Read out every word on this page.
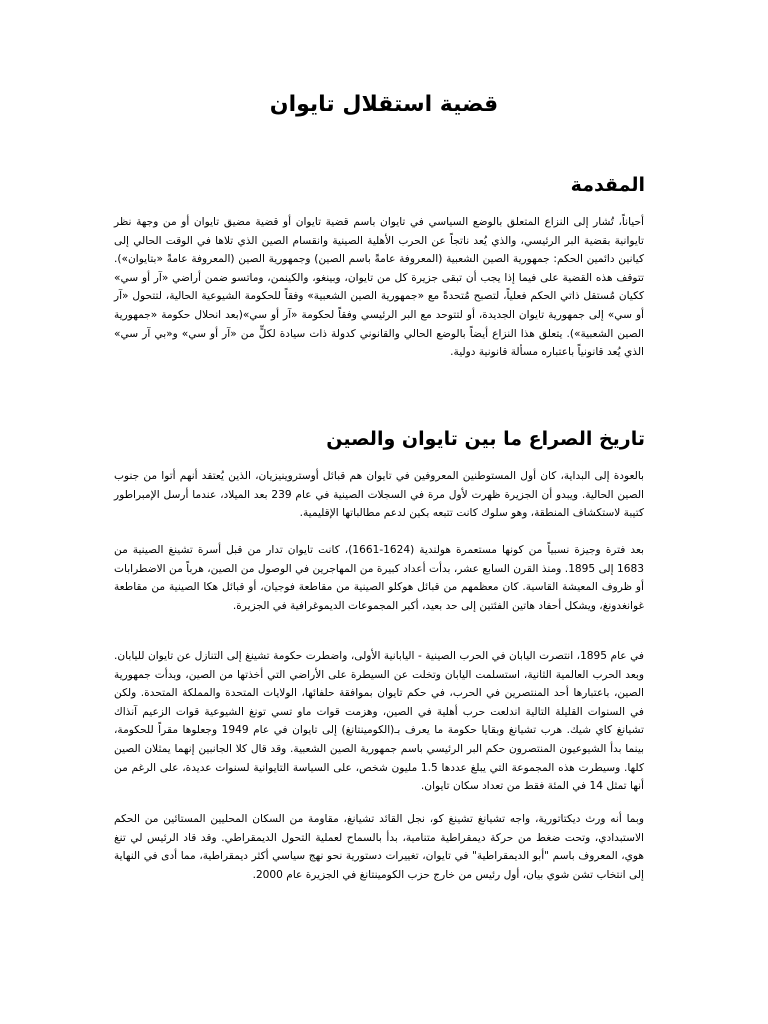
قضية استقلال تايوان
المقدمة

أحياناً، تُشار إلى النزاع المتعلق بالوضع السياسي في تايوان باسم قضية تايوان أو قضية مضيق تايوان أو من وجهة نظر تايوانية بقضية البر الرئيسي، والذي يُعد ناتجاً عن الحرب الأهلية الصينية وانقسام الصين الذي تلاها في الوقت الحالي إلى كيانين دائمين الحكم: جمهورية الصين الشعبية (المعروفة عامةً باسم الصين) وجمهورية الصين (المعروفة عامةً «بتايوان»). تتوقف هذه القضية على فيما إذا يجب أن تبقى جزيرة كل من تايوان، وبينغو، والكينمن، وماتسو ضمن أراضي «آر أو سي» ككيان مُستقل ذاتي الحكم فعلياً، لتصبح مُتحدةً مع «جمهورية الصين الشعبية» وفقاً للحكومة الشيوعية الحالية، لتتحول «آر أو سي» إلى جمهورية تايوان الجديدة، أو لتتوحد مع البر الرئيسي وفقاً لحكومة «آر أو سي»(بعد انحلال حكومة «جمهورية الصين الشعبية»). يتعلق هذا النزاع أيضاً بالوضع الحالي والقانوني كدولة ذات سيادة لكلٍّ من «آر أو سي» و«بي آر سي» الذي يُعد قانونياً باعتباره مسألة قانونية دولية.

تاريخ الصراع ما بين تايوان والصين

بالعودة إلى البداية، كان أول المستوطنين المعروفين في تايوان هم قبائل أوستروينيزيان، الذين يُعتقد أنهم أتوا من جنوب الصين الحالية. ويبدو أن الجزيرة ظهرت لأول مرة في السجلات الصينية في عام 239 بعد الميلاد، عندما أرسل الإمبراطور كتيبة لاستكشاف المنطقة، وهو سلوك كانت تتبعه بكين لدعم مطالباتها الإقليمية.

بعد فترة وجيزة نسبياً من كونها مستعمرة هولندية (1624-1661)، كانت تايوان تدار من قبل أسرة تشينغ الصينية من 1683 إلى 1895. ومنذ القرن السابع عشر، بدأت أعداد كبيرة من المهاجرين في الوصول من الصين، هرباً من الاضطرابات أو ظروف المعيشة القاسية. كان معظمهم من قبائل هوكلو الصينية من مقاطعة فوجيان، أو قبائل هكا الصينية من مقاطعة غوانغدونغ، ويشكل أحفاد هاتين الفئتين إلى حد بعيد، أكبر المجموعات الديموغرافية في الجزيرة.

في عام 1895، انتصرت اليابان في الحرب الصينية - اليابانية الأولى، واضطرت حكومة تشينغ إلى التنازل عن تايوان لليابان. وبعد الحرب العالمية الثانية، استسلمت اليابان وتخلت عن السيطرة على الأراضي التي أخذتها من الصين، وبدأت جمهورية الصين، باعتبارها أحد المنتصرين في الحرب، في حكم تايوان بموافقة حلفائها، الولايات المتحدة والمملكة المتحدة. ولكن في السنوات القليلة التالية اندلعت حرب أهلية في الصين، وهزمت قوات ماو تسي تونغ الشيوعية قوات الزعيم آنذاك تشيانغ كاي شيك. هرب تشيانغ وبقايا حكومة ما يعرف بـ(الكومينتانغ) إلى تايوان في عام 1949 وجعلوها مقراً للحكومة، بينما بدأ الشيوعيون المنتصرون حكم البر الرئيسي باسم جمهورية الصين الشعبية. وقد قال كلا الجانبين إنهما يمثلان الصين كلها. وسيطرت هذه المجموعة التي يبلغ عددها 1.5 مليون شخص، على السياسة التايوانية لسنوات عديدة، على الرغم من أنها تمثل 14 في المئة فقط من تعداد سكان تايوان.

وبما أنه ورث ديكتاتورية، واجه تشيانغ تشينغ كو، نجل القائد تشيانغ، مقاومة من السكان المحليين المستائين من الحكم الاستبدادي، وتحت ضغط من حركة ديمقراطية متنامية، بدأ بالسماح لعملية التحول الديمقراطي. وقد قاد الرئيس لي تنغ هوي، المعروف باسم "أبو الديمقراطية" في تايوان، تغييرات دستورية نحو نهج سياسي أكثر ديمقراطية، مما أدى في النهاية إلى انتخاب تشن شوي بيان، أول رئيس من خارج حزب الكومينتانغ في الجزيرة عام 2000.
